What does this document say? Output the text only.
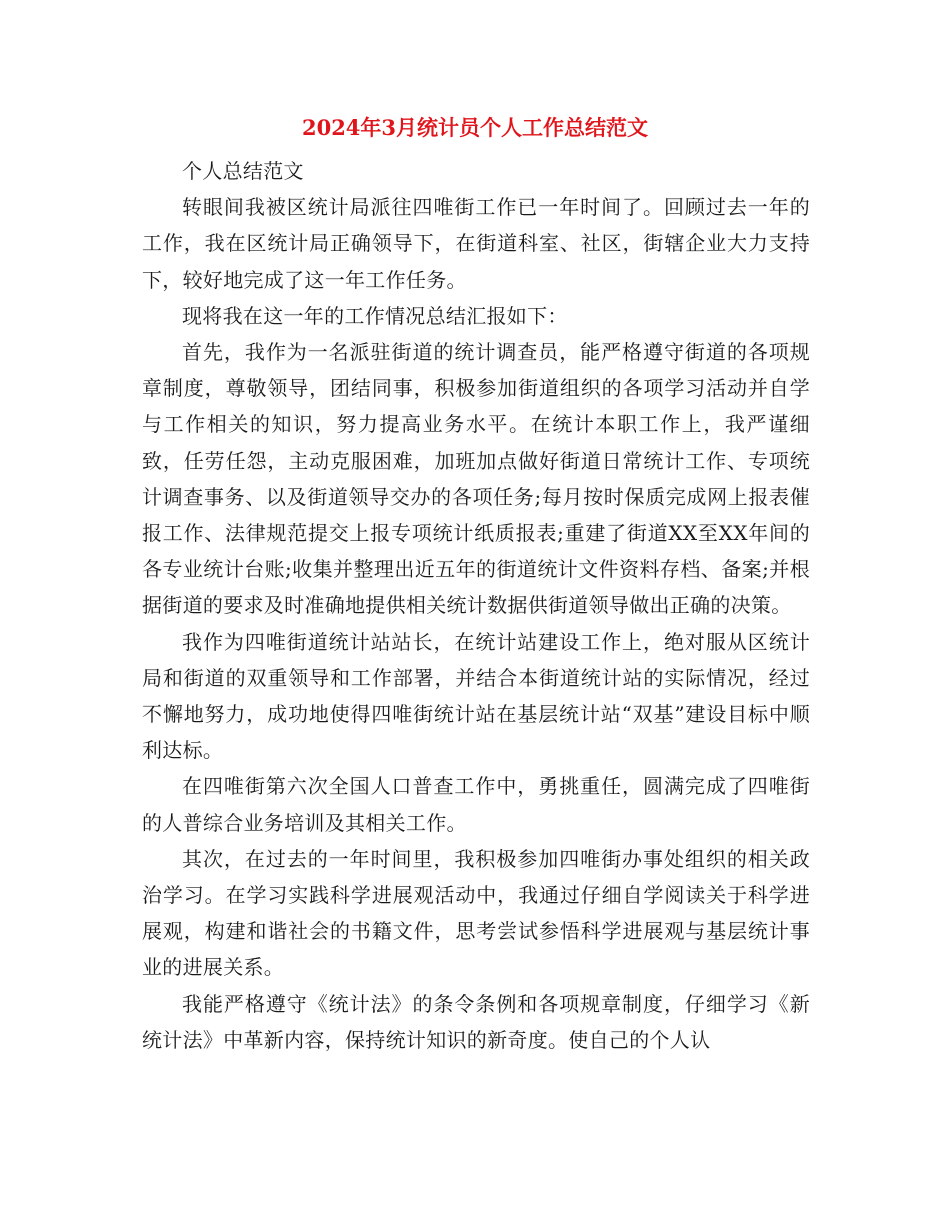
2024年3月统计员个人工作总结范文

个人总结范文

转眼间我被区统计局派往四唯街工作已一年时间了。回顾过去一年的工作，我在区统计局正确领导下，在街道科室、社区，街辖企业大力支持下，较好地完成了这一年工作任务。

现将我在这一年的工作情况总结汇报如下：

首先，我作为一名派驻街道的统计调查员，能严格遵守街道的各项规章制度，尊敬领导，团结同事，积极参加街道组织的各项学习活动并自学与工作相关的知识，努力提高业务水平。在统计本职工作上，我严谨细致，任劳任怨，主动克服困难，加班加点做好街道日常统计工作、专项统计调查事务、以及街道领导交办的各项任务;每月按时保质完成网上报表催报工作、法律规范提交上报专项统计纸质报表;重建了街道XX至XX年间的各专业统计台账;收集并整理出近五年的街道统计文件资料存档、备案;并根据街道的要求及时准确地提供相关统计数据供街道领导做出正确的决策。

我作为四唯街道统计站站长，在统计站建设工作上，绝对服从区统计局和街道的双重领导和工作部署，并结合本街道统计站的实际情况，经过不懈地努力，成功地使得四唯街统计站在基层统计站“双基”建设目标中顺利达标。

在四唯街第六次全国人口普查工作中，勇挑重任，圆满完成了四唯街的人普综合业务培训及其相关工作。

其次，在过去的一年时间里，我积极参加四唯街办事处组织的相关政治学习。在学习实践科学进展观活动中，我通过仔细自学阅读关于科学进展观，构建和谐社会的书籍文件，思考尝试参悟科学进展观与基层统计事业的进展关系。

我能严格遵守《统计法》的条令条例和各项规章制度，仔细学习《新统计法》中革新内容，保持统计知识的新奇度。使自己的个人认
